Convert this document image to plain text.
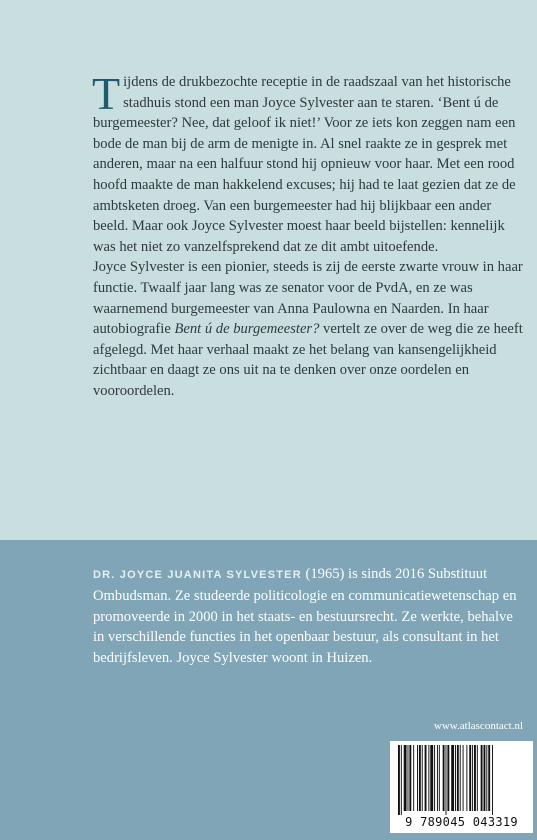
Tijdens de drukbezochte receptie in de raadszaal van het historische stadhuis stond een man Joyce Sylvester aan te staren. ‘Bent ú de burgemeester? Nee, dat geloof ik niet!’ Voor ze iets kon zeggen nam een bode de man bij de arm de menigte in. Al snel raakte ze in gesprek met anderen, maar na een halfuur stond hij opnieuw voor haar. Met een rood hoofd maakte de man hakkelend excuses; hij had te laat gezien dat ze de ambtsketen droeg. Van een burgemeester had hij blijkbaar een ander beeld. Maar ook Joyce Sylvester moest haar beeld bijstellen: kennelijk was het niet zo vanzelfsprekend dat ze dit ambt uitoefende.

Joyce Sylvester is een pionier, steeds is zij de eerste zwarte vrouw in haar functie. Twaalf jaar lang was ze senator voor de PvdA, en ze was waarnemend burgemeester van Anna Paulowna en Naarden. In haar autobiografie Bent ú de burgemeester? vertelt ze over de weg die ze heeft afgelegd. Met haar verhaal maakt ze het belang van kansengelijkheid zichtbaar en daagt ze ons uit na te denken over onze oordelen en vooroordelen.

DR. JOYCE JUANITA SYLVESTER (1965) is sinds 2016 Substituut Ombudsman. Ze studeerde politicologie en communicatiewetenschap en promoveerde in 2000 in het staats- en bestuursrecht. Ze werkte, behalve in verschillende functies in het openbaar bestuur, als consultant in het bedrijfsleven. Joyce Sylvester woont in Huizen.
www.atlascontact.nl
9 789045 043319
